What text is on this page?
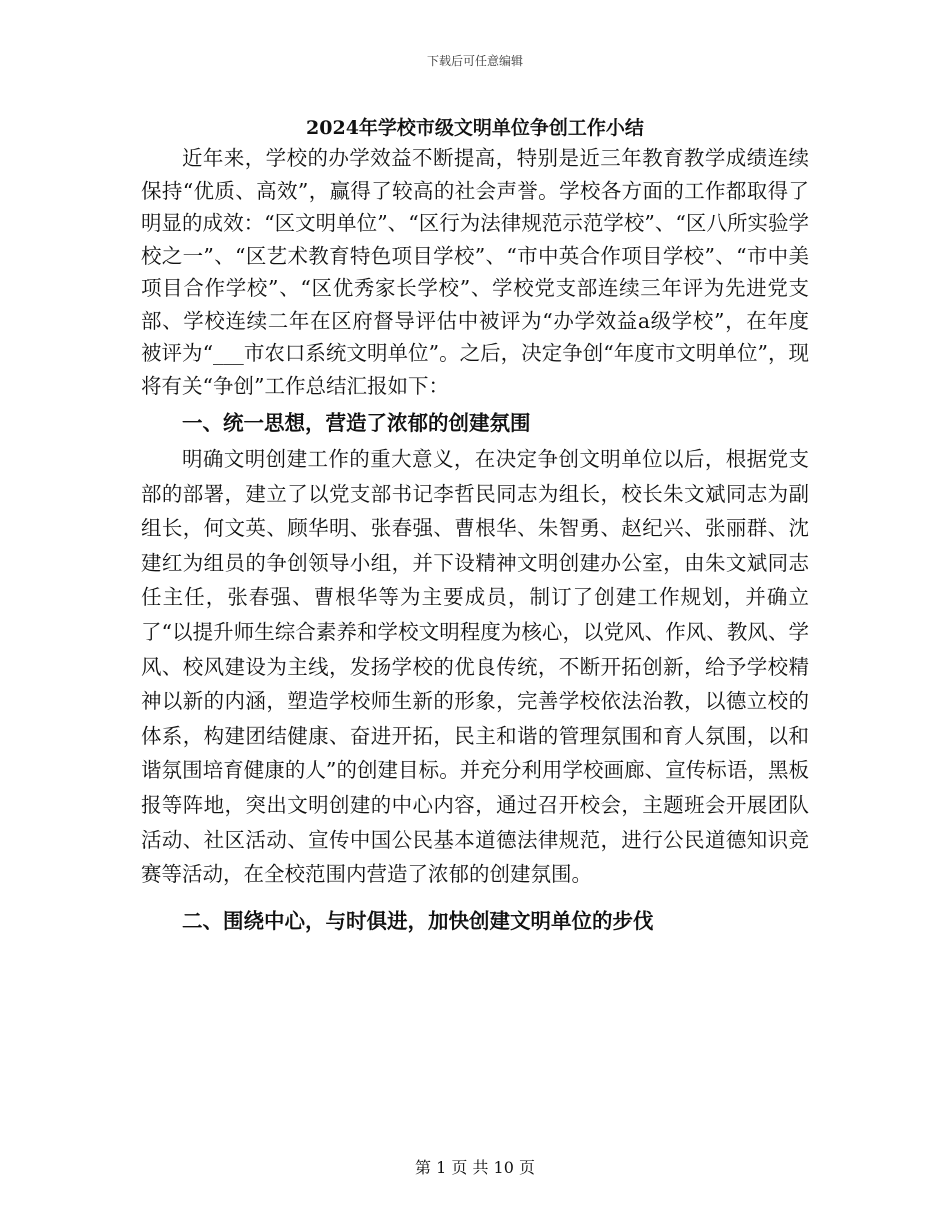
下载后可任意编辑
2024年学校市级文明单位争创工作小结

近年来，学校的办学效益不断提高，特别是近三年教育教学成绩连续保持“优质、高效”，赢得了较高的社会声誉。学校各方面的工作都取得了明显的成效：“区文明单位”、“区行为法律规范示范学校”、“区八所实验学校之一”、“区艺术教育特色项目学校”、“市中英合作项目学校”、“市中美项目合作学校”、“区优秀家长学校”、学校党支部连续三年评为先进党支部、学校连续二年在区府督导评估中被评为“办学效益a级学校”，在年度被评为“___市农口系统文明单位”。之后，决定争创“年度市文明单位”，现将有关“争创”工作总结汇报如下：

一、统一思想，营造了浓郁的创建氛围

明确文明创建工作的重大意义，在决定争创文明单位以后，根据党支部的部署，建立了以党支部书记李哲民同志为组长，校长朱文斌同志为副组长，何文英、顾华明、张春强、曹根华、朱智勇、赵纪兴、张丽群、沈建红为组员的争创领导小组，并下设精神文明创建办公室，由朱文斌同志任主任，张春强、曹根华等为主要成员，制订了创建工作规划，并确立了“以提升师生综合素养和学校文明程度为核心，以党风、作风、教风、学风、校风建设为主线，发扬学校的优良传统，不断开拓创新，给予学校精神以新的内涵，塑造学校师生新的形象，完善学校依法治教，以德立校的体系，构建团结健康、奋进开拓，民主和谐的管理氛围和育人氛围，以和谐氛围培育健康的人”的创建目标。并充分利用学校画廊、宣传标语，黑板报等阵地，突出文明创建的中心内容，通过召开校会，主题班会开展团队活动、社区活动、宣传中国公民基本道德法律规范，进行公民道德知识竞赛等活动，在全校范围内营造了浓郁的创建氛围。

二、围绕中心，与时俱进，加快创建文明单位的步伐

第 1 页 共 10 页
